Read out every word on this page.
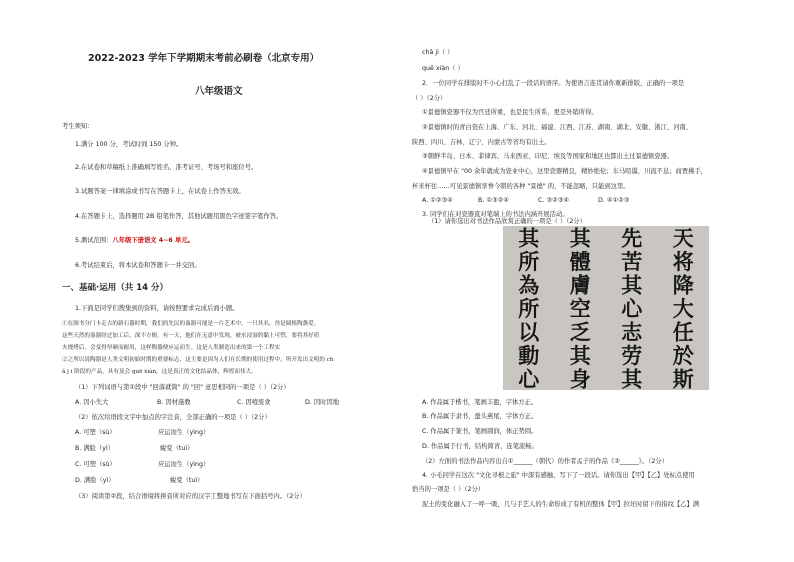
2022-2023 学年下学期期末考前必刷卷（北京专用）
八年级语文
考生须知：
1.满分 100 分，考试时间 150 分钟。
2.在试卷和草稿纸上准确填写姓名、准考证号、考场号和座位号。
3.试题答案一律填涂或书写在答题卡上，在试卷上作答无效。
4.在答题卡上，选择题用 2B 铅笔作答，其他试题用黑色字迹签字笔作答。
5.测试范围：八年级下册语文 4~6 单元。
6.考试结束后，将本试卷和答题卡一并交回。
一、基础·运用（共 14 分）
1.下面是同学们搜集到的资料，请按照要求完成后面小题。
①在图书分门卡走吉的新石器时期，我们的先民的盔器可能是一片艺术中，一只其名，兽是圆格陶盏爱。
这些天然的盔器经过加工后，深不方便。有一天，他们在无意中发现，被水浸湿的黏土可塑，要将其好质
火烧烤后，会变得坚硬而耐用，这样陶器便应运而生。这是人类制造出来的第一个工程实
②之所以说陶器是人类文明初始时期的重要标志，这主要是因为人们在长期的使用过程中，所开发出文明的 ch
ǎ j i 阶段的产品，具有及会 quē xiàn，这是真正的文化结晶体，辉煌而伟大。
（1）下列词语与第①段中 "回落就简" 的 "回" 意思相同的一项是（ ）（2分）
A. 因小失大	B. 因材施教	C. 因噎废食	D. 因时因地
（2）依次给语段文字中加点的字注音，全部正确的一项是（ ）（2分）
A. 可塑（sù）	应运而生（yìng）
B. 满脸（yì）	蜕变（tuì）
C. 可塑（sù）	应运而生（yìng）
D. 满脸（yì）	蜕变（tuì）
（3）阅读第②段，结合语境将拼音所对应的汉字工整地书写在下面括号内。（2分）
chǎ ji（ ）
quē xiàn（ ）
2．一位同学在排版时不小心打乱了一段话的语序。为使语言连贯请你重新排版，正确的一项是
（ ）（2分）
①景德镇瓷器不仅为宫廷所重，也是民生所系，更是外销所得。
②景德镇时的青白瓷在上海、广东、河北、福建、江西、江苏、湖南、湖北、安徽、浙江、河南、
陕西、四川、吉林、辽宁、内蒙古等省均有出土。
③朝鲜半岛、日本、菲律宾、马来西亚、印尼、埃及等国家和地区也都出土过景德镇瓷器。
④景德镇早在 "00 余年就成为瓷业中心，这里瓷器精良，精妙绝伦；车马喧嚣，川流不息；商贾拂手，
杯来杯往……可见景德镇享誉今朝的各种 "景德" 的，不能忽略，只能到这里。
A. ①②③④	B. ①③②④	C. ③②③④	D. ④①②③
3. 同学们在对瓷器直对笔端上的书法内涵开展活动。
（1）请你选出对书法作品欣赏正确的一项是（ ）（2分）
天
将
降
大
任
於
斯
先
苦
其
心
志
劳
其
其
體
膚
空
乏
其
身
其
所
為
所
以
動
心
A. 作品属于楷书，笔画丰盈，字体方正。
B. 作品属于隶书，蚕头燕尾，字体方正。
C. 作品属于篆书，笔画圆润，体正势圆。
D. 作品属于行书，结构简省，连笔流畅。
（2）左面的书法作品内容出自①______（朝代）的作者孟子的作品《②______》。（2分）
4. 小毛同学在这次 "文化寻根之旅" 中深有感触，写下了一段话。请你选出【甲】【乙】处标点使用
恰当的一项是（ ）（2分）
泥土的变化融入了一呼一吸，几与手艺人的生命形成了有机的整体【甲】拉坯时留下的指纹【乙】满
